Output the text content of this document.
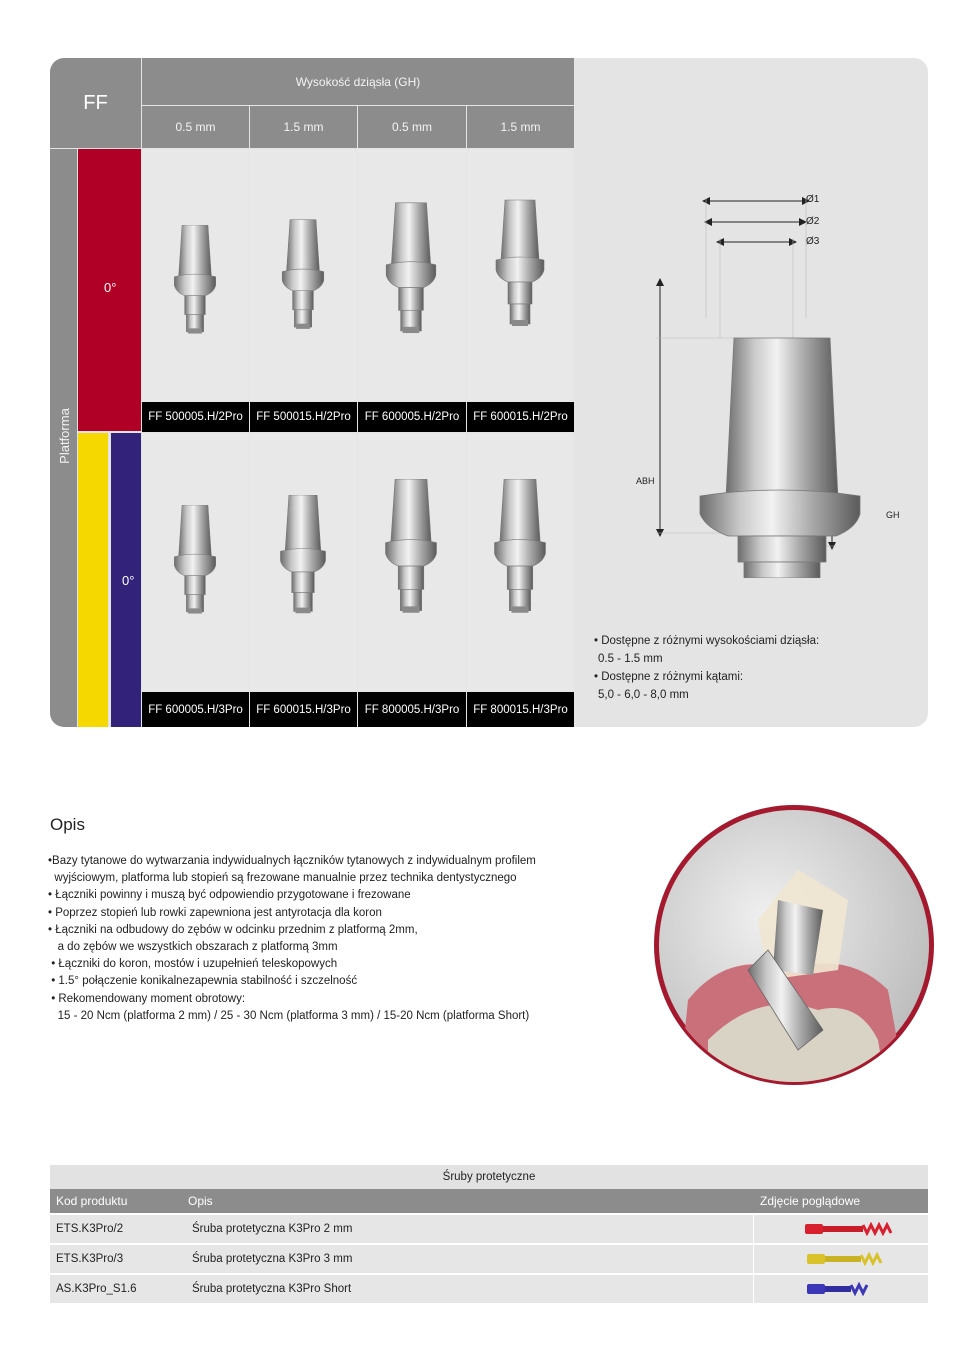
FF
Wysokość dziąsła (GH)
0.5 mm	1.5 mm	0.5 mm	1.5 mm
Platforma
0°
0°
FF 500005.H/2Pro	FF 500015.H/2Pro	FF 600005.H/2Pro	FF 600015.H/2Pro
FF 600005.H/3Pro	FF 600015.H/3Pro	FF 800005.H/3Pro	FF 800015.H/3Pro
Ø1
Ø2
Ø3
ABH
GH
• Dostępne z różnymi wysokościami dziąsła:
0.5 - 1.5 mm
• Dostępne z różnymi kątami:
5,0 - 6,0 - 8,0 mm
Opis
•Bazy tytanowe do wytwarzania indywidualnych łączników tytanowych z indywidualnym profilem
wyjściowym, platforma lub stopień są frezowane manualnie przez technika dentystycznego
• Łączniki powinny i muszą być odpowiendio przygotowane i frezowane
• Poprzez stopień lub rowki zapewniona jest antyrotacja dla koron
• Łączniki na odbudowy do zębów w odcinku przednim z platformą 2mm,
a do zębów we wszystkich obszarach z platformą 3mm
• Łączniki do koron, mostów i uzupełnień teleskopowych
• 1.5° połączenie konikalnezapewnia stabilność i szczelność
• Rekomendowany moment obrotowy:
15 - 20 Ncm (platforma 2 mm) / 25 - 30 Ncm (platforma 3 mm) / 15-20 Ncm (platforma Short)
Śruby protetyczne
Kod produktu	Opis	Zdjęcie poglądowe
ETS.K3Pro/2	Śruba protetyczna K3Pro 2 mm
ETS.K3Pro/3	Śruba protetyczna K3Pro 3 mm
AS.K3Pro_S1.6	Śruba protetyczna K3Pro Short
